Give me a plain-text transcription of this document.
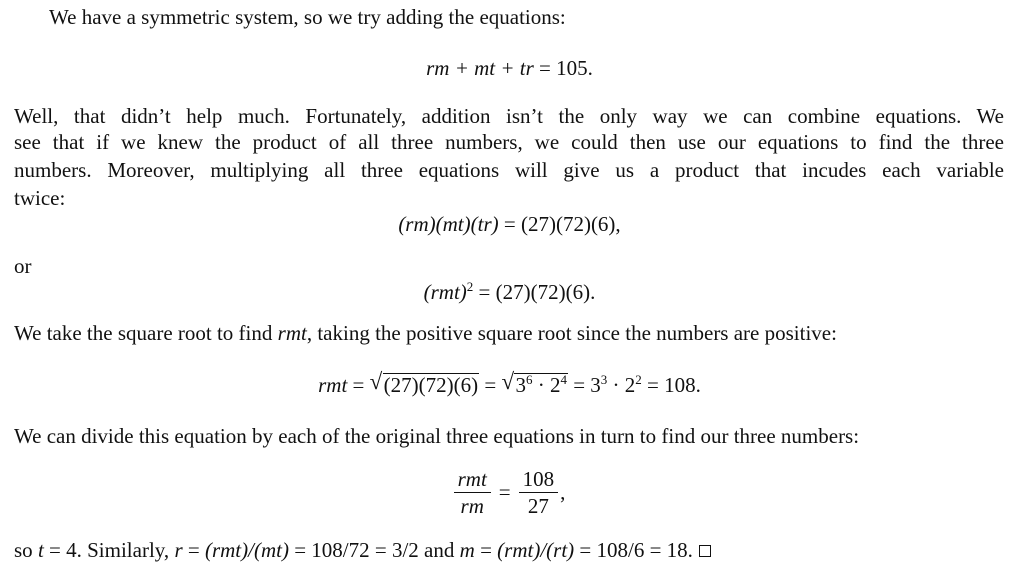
We have a symmetric system, so we try adding the equations:
rm + mt + tr = 105.
Well, that didn’t help much. Fortunately, addition isn’t the only way we can combine equations. We
see that if we knew the product of all three numbers, we could then use our equations to find the three
numbers. Moreover, multiplying all three equations will give us a product that incudes each variable
twice:
(rm)(mt)(tr) = (27)(72)(6),
or
(rmt)$^2$ = (27)(72)(6).
We take the square root to find rmt, taking the positive square root since the numbers are positive:
rmt = √ (27)(72)(6) = √ $3^6 \cdot 2^4 = 3^3 \cdot 2^2 = 108$.
We can divide this equation by each of the original three equations in turn to find our three numbers:
$\frac{\text{rmt}}{rm} = \frac{108}{27}$ ,
so t = 4. Similarly, r = (rmt)/(mt) = 108/72 = 3/2 and m = (rmt)/(rt) = 108/6 = 18.
